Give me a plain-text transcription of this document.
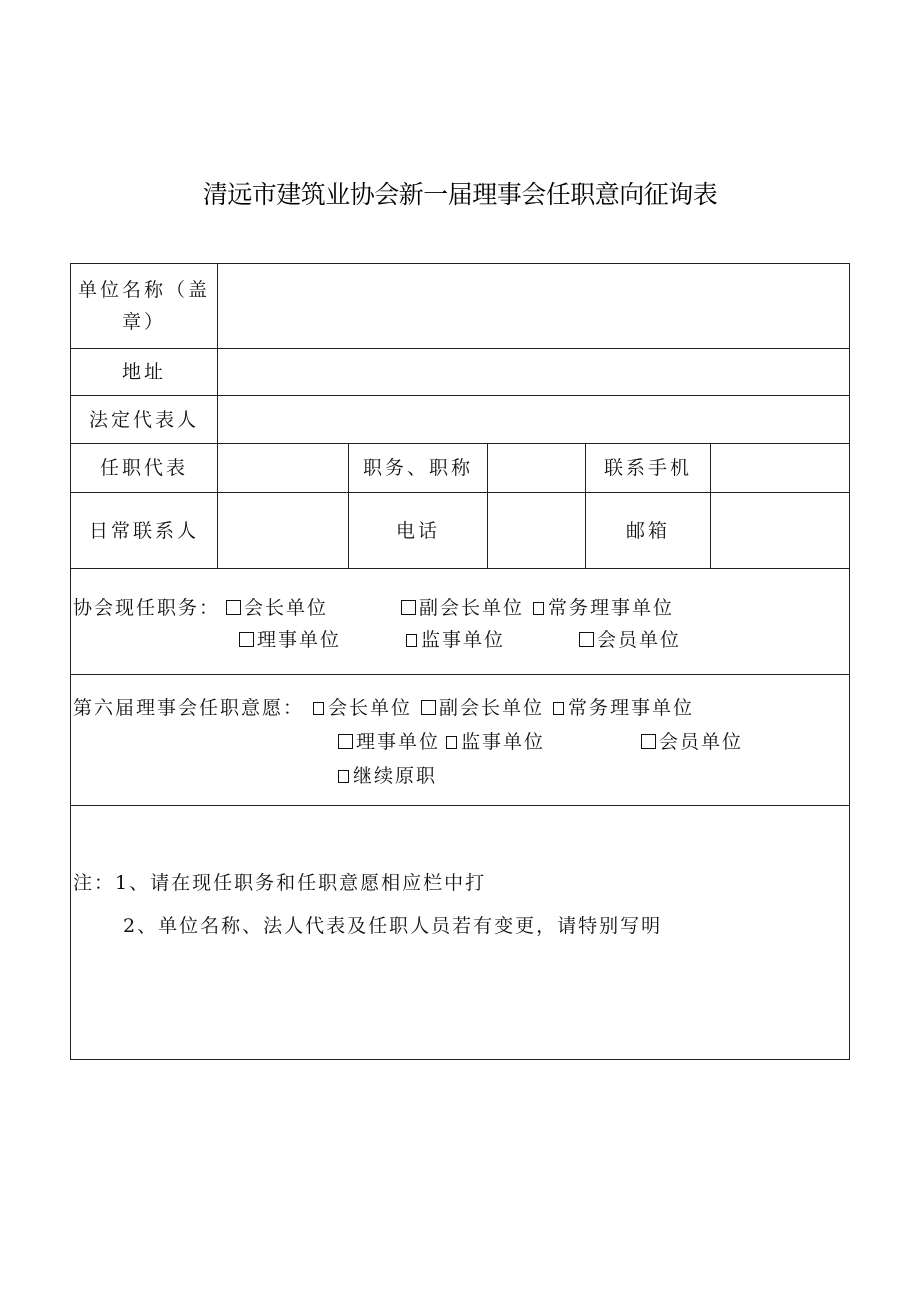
清远市建筑业协会新一届理事会任职意向征询表
单位名称（盖章）
地址
法定代表人
任职代表	职务、职称	联系手机
日常联系人	电话	邮箱
协会现任职务：	会长单位	副会长单位	常务理事单位
理事单位	监事单位	会员单位
第六届理事会任职意愿：	会长单位	副会长单位	常务理事单位
理事单位	监事单位	会员单位
继续原职
注：1、请在现任职务和任职意愿相应栏中打
2、单位名称、法人代表及任职人员若有变更，请特别写明
